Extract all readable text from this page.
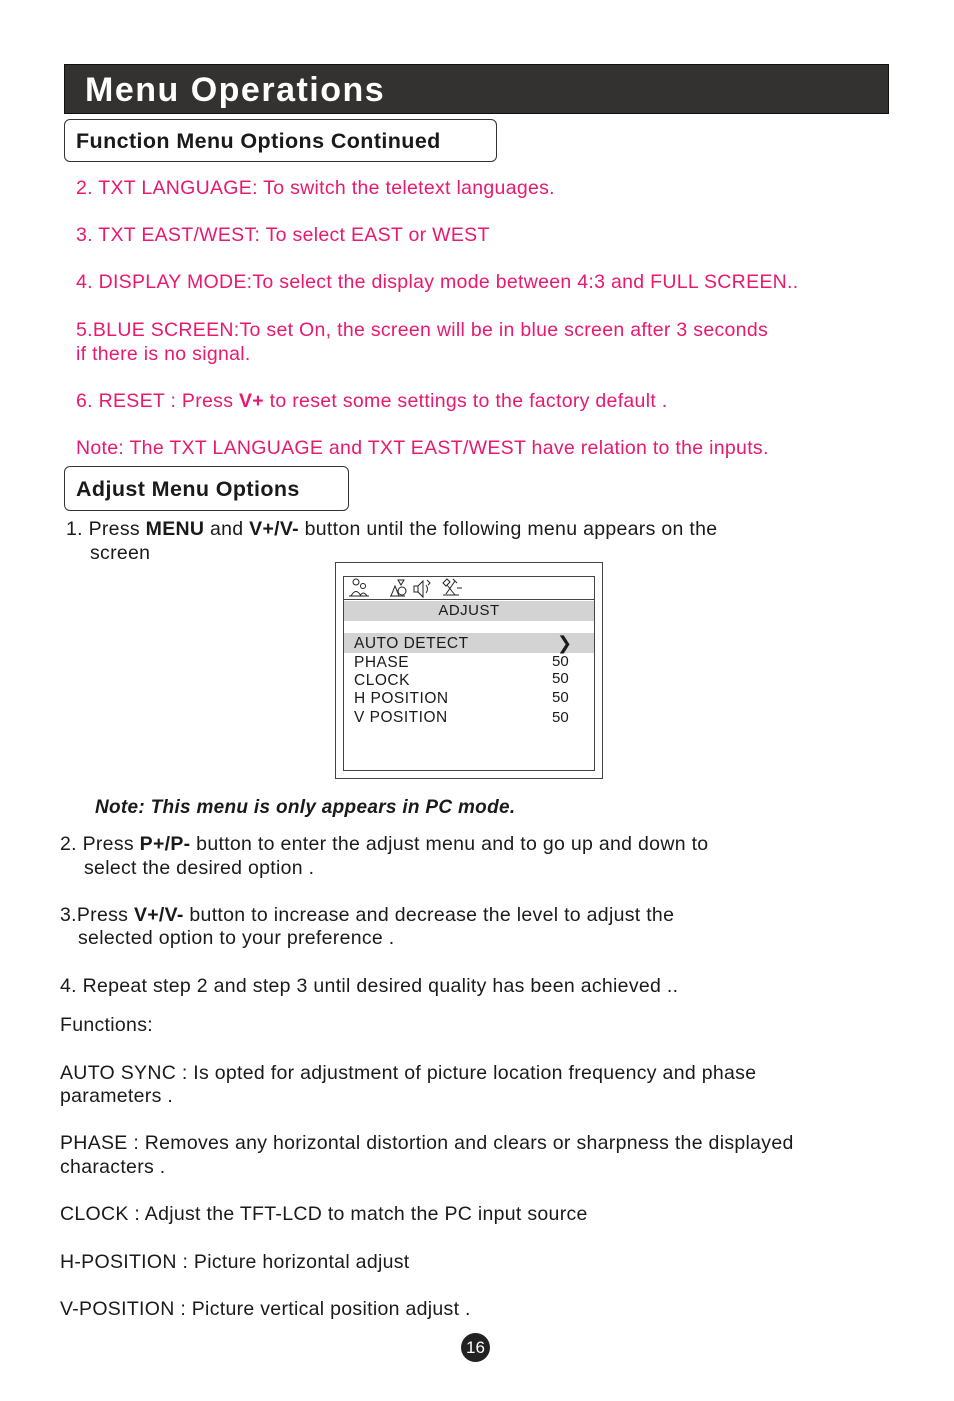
Menu Operations
Function Menu Options Continued
2. TXT LANGUAGE: To switch the teletext languages.
3. TXT EAST/WEST: To select EAST or WEST
4. DISPLAY MODE:To select the display mode between 4:3 and FULL SCREEN..
5.BLUE SCREEN:To set On, the screen will be in blue screen after 3 seconds
if there is no signal.
6. RESET : Press V+ to reset some settings to the factory default .
Note: The TXT LANGUAGE and TXT EAST/WEST have relation to the inputs.
Adjust Menu Options
1. Press MENU and V+/V- button until the following menu appears on the
screen
ADJUST
AUTO DETECT	❯
PHASE	50
CLOCK	50
H POSITION	50
V POSITION	50
Note: This menu is only appears in PC mode.
2. Press P+/P- button to enter the adjust menu and to go up and down to
select the desired option .
3.Press V+/V- button to increase and decrease the level to adjust the
selected option to your preference .
4. Repeat step 2 and step 3 until desired quality has been achieved ..
Functions:
AUTO SYNC : Is opted for adjustment of picture location frequency and phase
parameters .
PHASE : Removes any horizontal distortion and clears or sharpness the displayed
characters .
CLOCK : Adjust the TFT-LCD to match the PC input source
H-POSITION : Picture horizontal adjust
V-POSITION : Picture vertical position adjust .
16
